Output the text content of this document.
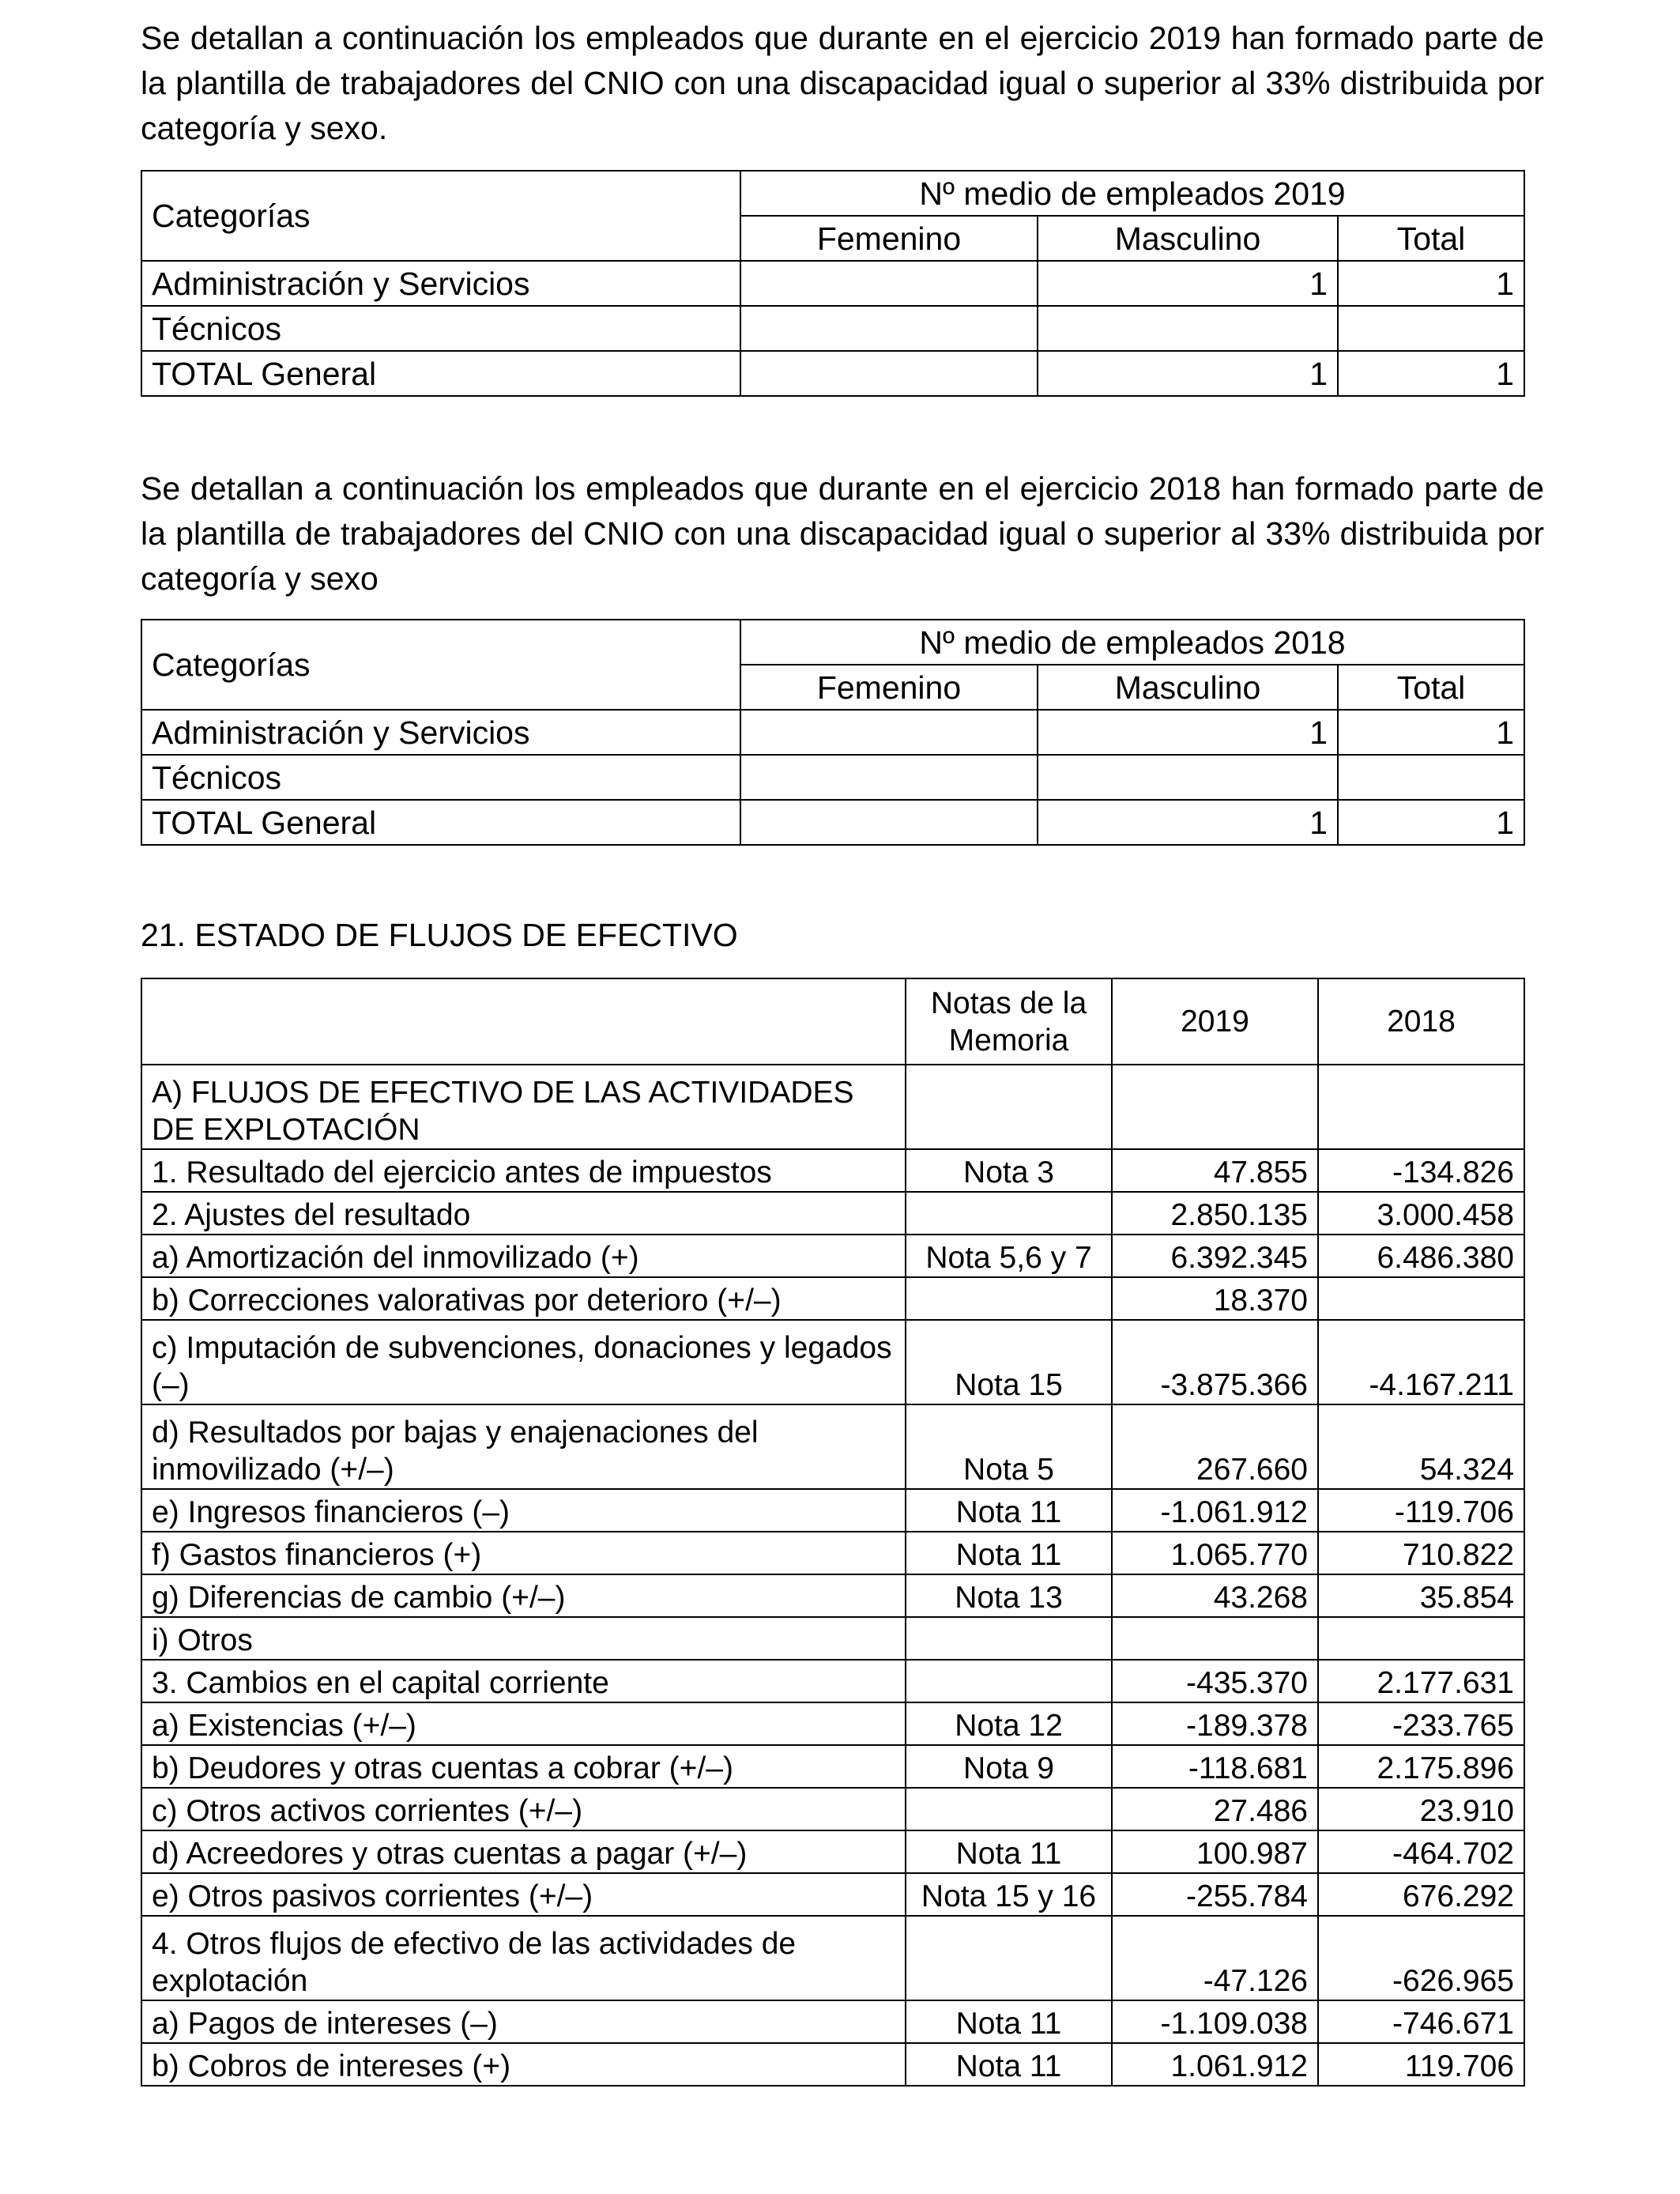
Se detallan a continuación los empleados que durante en el ejercicio 2019 han formado parte de la plantilla de trabajadores del CNIO con una discapacidad igual o superior al 33% distribuida por categoría y sexo.

Categorías	Nº medio de empleados 2019		
	Femenino	Masculino	Total
Administración y Servicios		1	1
Técnicos			
TOTAL General		1	1

Se detallan a continuación los empleados que durante en el ejercicio 2018 han formado parte de la plantilla de trabajadores del CNIO con una discapacidad igual o superior al 33% distribuida por categoría y sexo

Categorías	Nº medio de empleados 2018		
	Femenino	Masculino	Total
Administración y Servicios		1	1
Técnicos			
TOTAL General		1	1
21. ESTADO DE FLUJOS DE EFECTIVO
	Notas de la Memoria	2019	2018
A) FLUJOS DE EFECTIVO DE LAS ACTIVIDADES DE EXPLOTACIÓN			
1. Resultado del ejercicio antes de impuestos	Nota 3	47.855	-134.826
2. Ajustes del resultado		2.850.135	3.000.458
a) Amortización del inmovilizado (+)	Nota 5,6 y 7	6.392.345	6.486.380
b) Correcciones valorativas por deterioro (+/–)		18.370	
c) Imputación de subvenciones, donaciones y legados (–)	Nota 15	-3.875.366	-4.167.211
d) Resultados por bajas y enajenaciones del inmovilizado (+/–)	Nota 5	267.660	54.324
e) Ingresos financieros (–)	Nota 11	-1.061.912	-119.706
f) Gastos financieros (+)	Nota 11	1.065.770	710.822
g) Diferencias de cambio (+/–)	Nota 13	43.268	35.854
i) Otros			
3. Cambios en el capital corriente		-435.370	2.177.631
a) Existencias (+/–)	Nota 12	-189.378	-233.765
b) Deudores y otras cuentas a cobrar (+/–)	Nota 9	-118.681	2.175.896
c) Otros activos corrientes (+/–)		27.486	23.910
d) Acreedores y otras cuentas a pagar (+/–)	Nota 11	100.987	-464.702
e) Otros pasivos corrientes (+/–)	Nota 15 y 16	-255.784	676.292
4. Otros flujos de efectivo de las actividades de explotación		-47.126	-626.965
a) Pagos de intereses (–)	Nota 11	-1.109.038	-746.671
b) Cobros de intereses (+)	Nota 11	1.061.912	119.706
